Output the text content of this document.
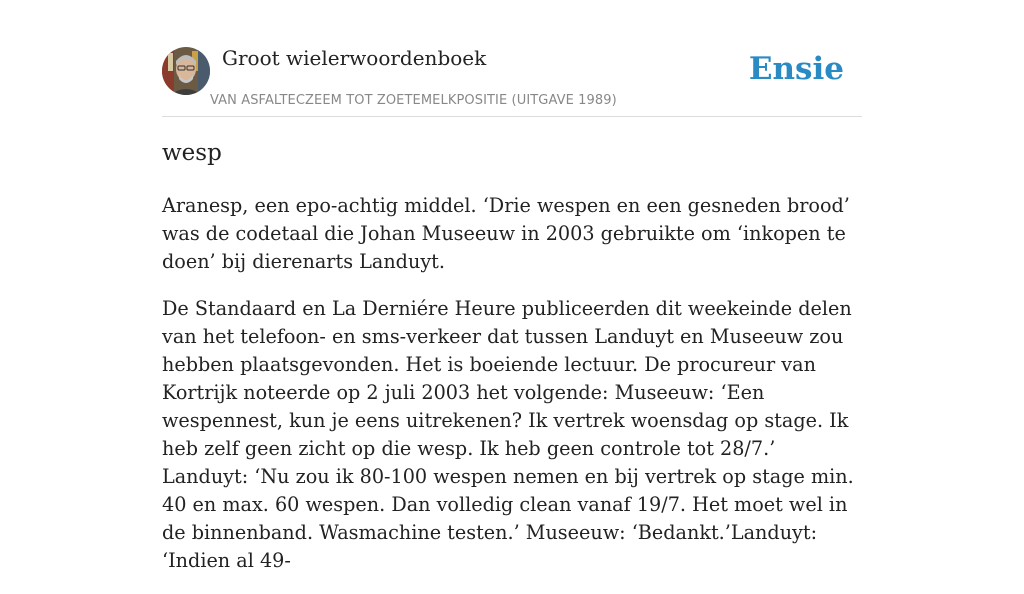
Groot wielerwoordenboek
VAN ASFALTECZEEM TOT ZOETEMELKPOSITIE (UITGAVE 1989)
Ensie
wesp

Aranesp, een epo-achtig middel. ‘Drie wespen en een gesneden brood’ was de codetaal die Johan Museeuw in 2003 gebruikte om ‘inkopen te doen’ bij dierenarts Landuyt.

De Standaard en La Derniére Heure publiceerden dit weekeinde delen van het telefoon- en sms-verkeer dat tussen Landuyt en Museeuw zou hebben plaatsgevonden. Het is boeiende lectuur. De procureur van Kortrijk noteerde op 2 juli 2003 het volgende: Museeuw: ‘Een wespennest, kun je eens uitrekenen? Ik vertrek woensdag op stage. Ik heb zelf geen zicht op die wesp. Ik heb geen controle tot 28/7.’ Landuyt: ‘Nu zou ik 80-100 wespen nemen en bij vertrek op stage min. 40 en max. 60 wespen. Dan volledig clean vanaf 19/7. Het moet wel in de binnenband. Wasmachine testen.’ Museeuw: ‘Bedankt.’Landuyt: ‘Indien al 49-
